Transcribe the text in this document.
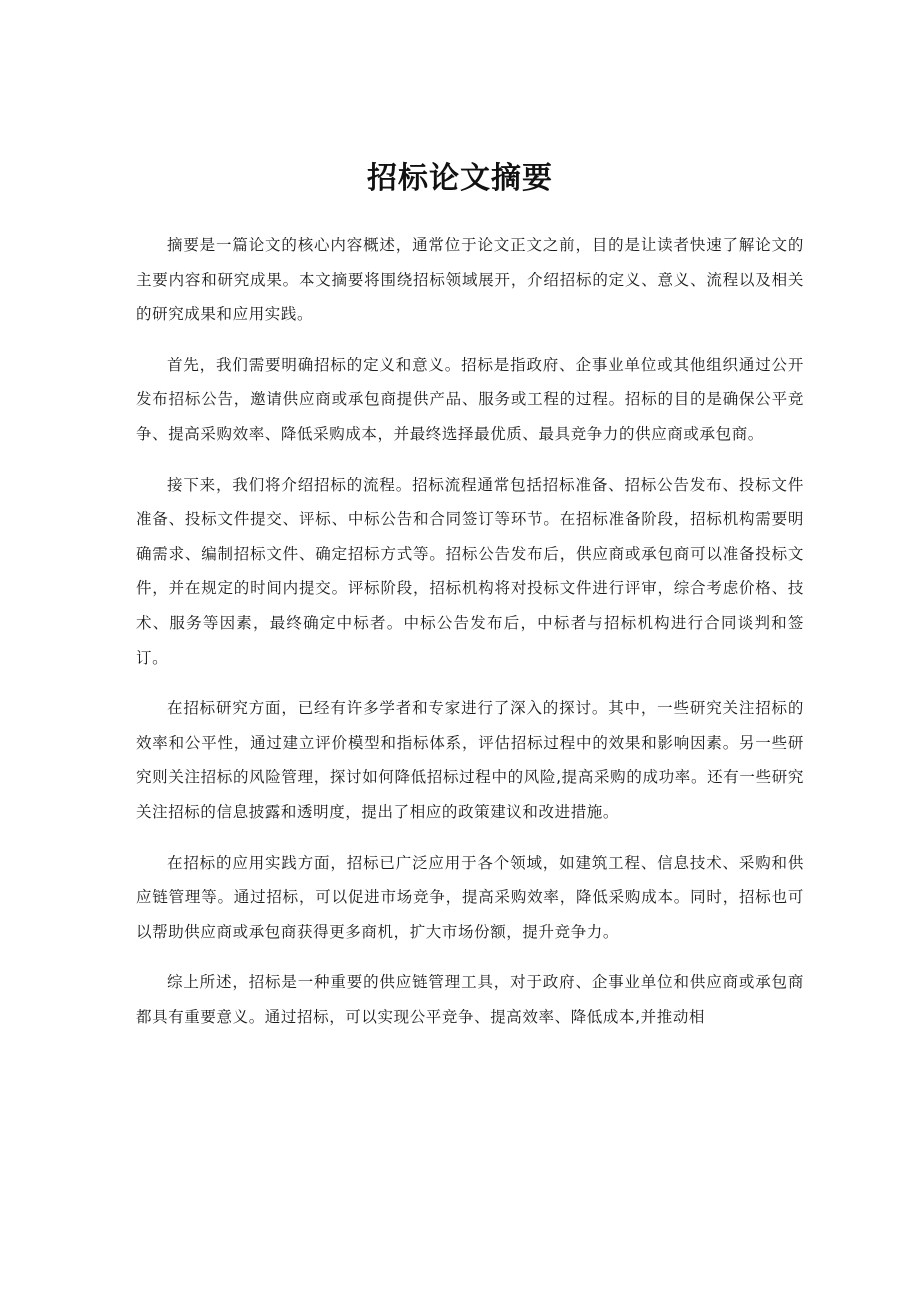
招标论文摘要

摘要是一篇论文的核心内容概述，通常位于论文正文之前，目的是让读者快速了解论文的主要内容和研究成果。本文摘要将围绕招标领域展开，介绍招标的定义、意义、流程以及相关的研究成果和应用实践。

首先，我们需要明确招标的定义和意义。招标是指政府、企事业单位或其他组织通过公开发布招标公告，邀请供应商或承包商提供产品、服务或工程的过程。招标的目的是确保公平竞争、提高采购效率、降低采购成本，并最终选择最优质、最具竞争力的供应商或承包商。

接下来，我们将介绍招标的流程。招标流程通常包括招标准备、招标公告发布、投标文件准备、投标文件提交、评标、中标公告和合同签订等环节。在招标准备阶段，招标机构需要明确需求、编制招标文件、确定招标方式等。招标公告发布后，供应商或承包商可以准备投标文件，并在规定的时间内提交。评标阶段，招标机构将对投标文件进行评审，综合考虑价格、技术、服务等因素，最终确定中标者。中标公告发布后，中标者与招标机构进行合同谈判和签订。

在招标研究方面，已经有许多学者和专家进行了深入的探讨。其中，一些研究关注招标的效率和公平性，通过建立评价模型和指标体系，评估招标过程中的效果和影响因素。另一些研究则关注招标的风险管理，探讨如何降低招标过程中的风险,提高采购的成功率。还有一些研究关注招标的信息披露和透明度，提出了相应的政策建议和改进措施。

在招标的应用实践方面，招标已广泛应用于各个领域，如建筑工程、信息技术、采购和供应链管理等。通过招标，可以促进市场竞争，提高采购效率，降低采购成本。同时，招标也可以帮助供应商或承包商获得更多商机，扩大市场份额，提升竞争力。

综上所述，招标是一种重要的供应链管理工具，对于政府、企事业单位和供应商或承包商都具有重要意义。通过招标，可以实现公平竞争、提高效率、降低成本,并推动相
